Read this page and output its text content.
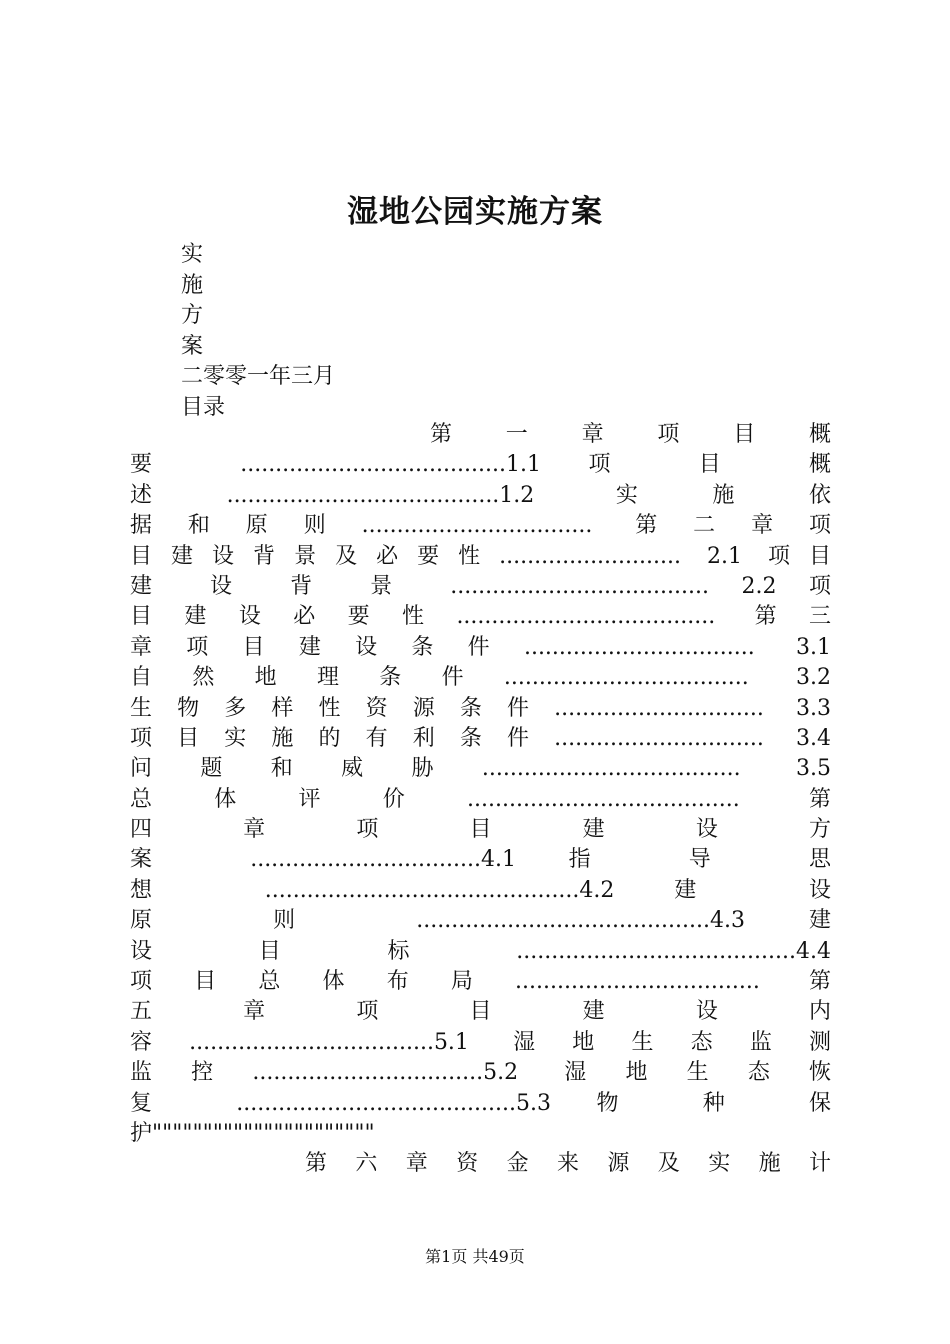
湿地公园实施方案
实
施
方
案
二零零一年三月
目录
第 一 章 项 目 概
要 ......................................1.1 项 目 概
述.......................................1.2 实施依
据和原则................................. 第二章项
目建设背景及必要性.......................... 2.1 项目
建 设 背 景 ..................................... 2.2 项
目建设必要性..................................... 第三
章项目建设条件................................. 3.1
自然地理条件................................... 3.2
生物多样性资源条件.............................. 3.3
项目实施的有利条件.............................. 3.4
问题和威胁..................................... 3.5
总体评价....................................... 第
四 章 项 目 建 设 方
案 .................................4.1 指 导 思
想 .............................................4.2 建 设
原 则 ..........................................4.3 建
设 目 标 ........................................4.4
项目总体布局................................... 第
五 章 项 目 建 设 内
容...................................5.1 湿地生态监测
监控.................................5.2 湿地生态恢
复 ........................................5.3 物 种 保
护""""""""""""""""""""""
第 六 章 资 金 来 源 及 实 施 计
第1页 共49页
